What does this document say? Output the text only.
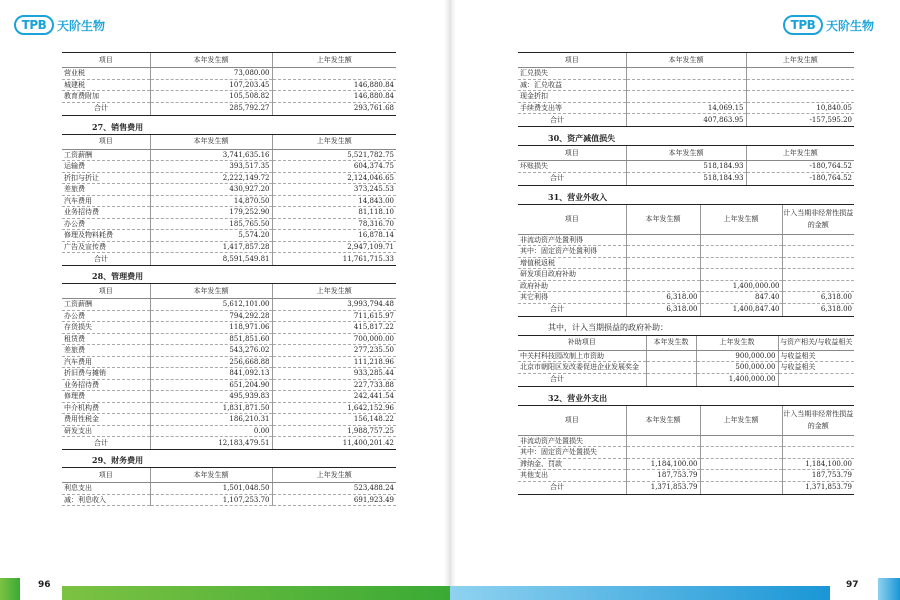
TPB 天阶生物
项目	本年发生额	上年发生额
营业税	73,080.00	
城建税	107,203.45	146,880.84
教育费附加	105,508.82	146,880.84
合计	285,792.27	293,761.68
27、销售费用
项目	本年发生额	上年发生额
工资薪酬	3,741,635.16	5,521,782.75
运输费	393,517.35	604,374.75
折扣与折让	2,222,149.72	2,124,046.65
差旅费	430,927.20	373,245.53
汽车费用	14,870.50	14,843.00
业务招待费	179,252.90	81,118.10
办公费	185,765.50	78,316.70
修理及物料耗费	5,574.20	16,878.14
广告及宣传费	1,417,857.28	2,947,109.71
合计	8,591,549.81	11,761,715.33
28、管理费用
项目	本年发生额	上年发生额
工资薪酬	5,612,101.00	3,993,794.48
办公费	794,292.28	711,615.97
存货损失	118,971.06	415,817.22
租赁费	851,851.60	700,000.00
差旅费	543,276.02	277,235.50
汽车费用	256,668.88	111,218.96
折旧费与摊销	841,092.13	933,285.44
业务招待费	651,204.90	227,733.88
修理费	495,939.83	242,441.54
中介机构费	1,831,871.50	1,642,152.96
费用性税金	186,210.31	156,148.22
研发支出	0.00	1,988,757.25
合计	12,183,479.51	11,400,201.42
29、财务费用
项目	本年发生额	上年发生额
利息支出	1,501,048.50	523,488.24
减：利息收入	1,107,253.70	691,923.49
TPB 天阶生物
项目	本年发生额	上年发生额
汇兑损失		
减：汇兑收益		
现金折扣		
手续费支出等	14,069.15	10,840.05
合计	407,863.95	-157,595.20
30、资产减值损失
项目	本年发生额	上年发生额
坏账损失	518,184.93	-180,764.52
合计	518,184.93	-180,764.52
31、营业外收入
项目	本年发生额	上年发生额	计入当期非经常性损益的金额
非流动资产处置利得			
其中：固定资产处置利得			
增值税返税			
研发项目政府补助			
政府补助		1,400,000.00	
其它利得	6,318.00	847.40	6,318.00
合计	6,318.00	1,400,847.40	6,318.00
其中，计入当期损益的政府补助：
补助项目	本年发生数	上年发生数	与资产相关/与收益相关
中关村科技园改制上市资助		900,000.00	与收益相关
北京市朝阳区发改委促进企业发展奖金		500,000.00	与收益相关
合计		1,400,000.00	
32、营业外支出
项目	本年发生额	上年发生额	计入当期非经常性损益的金额
非流动资产处置损失			
其中：固定资产处置损失			
滞纳金、罚款	1,184,100.00		1,184,100.00
其他支出	187,753.79		187,753.79
合计	1,371,853.79		1,371,853.79
96	97
